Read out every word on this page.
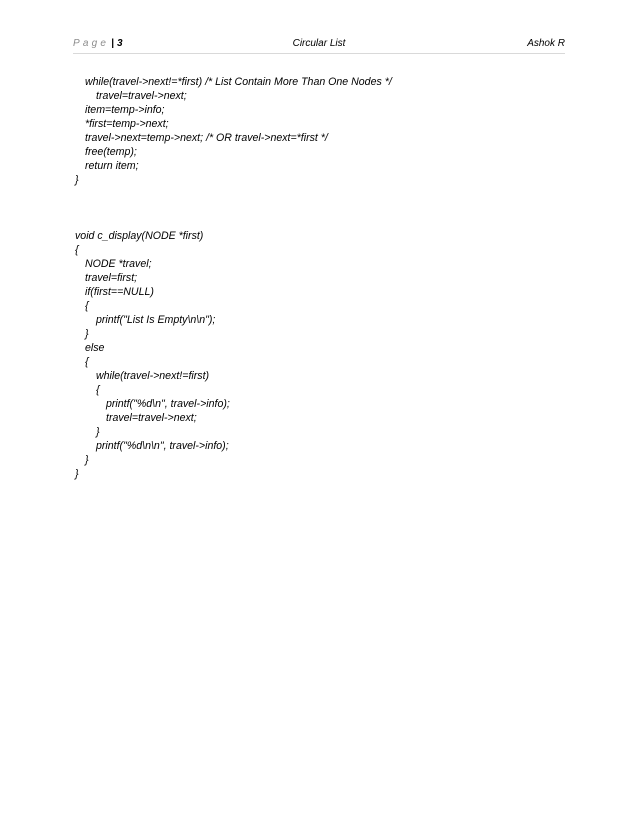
Page | 3	Circular List	Ashok R
while(travel->next!=*first) /* List Contain More Than One Nodes */
travel=travel->next;
item=temp->info;
*first=temp->next;
travel->next=temp->next; /* OR travel->next=*first */
free(temp);
return item;
}
void c_display(NODE *first)
{
NODE *travel;
travel=first;
if(first==NULL)
{
printf("List Is Empty\n\n");
}
else
{
while(travel->next!=first)
{
printf("%d\n", travel->info);
travel=travel->next;
}
printf("%d\n\n", travel->info);
}
}
